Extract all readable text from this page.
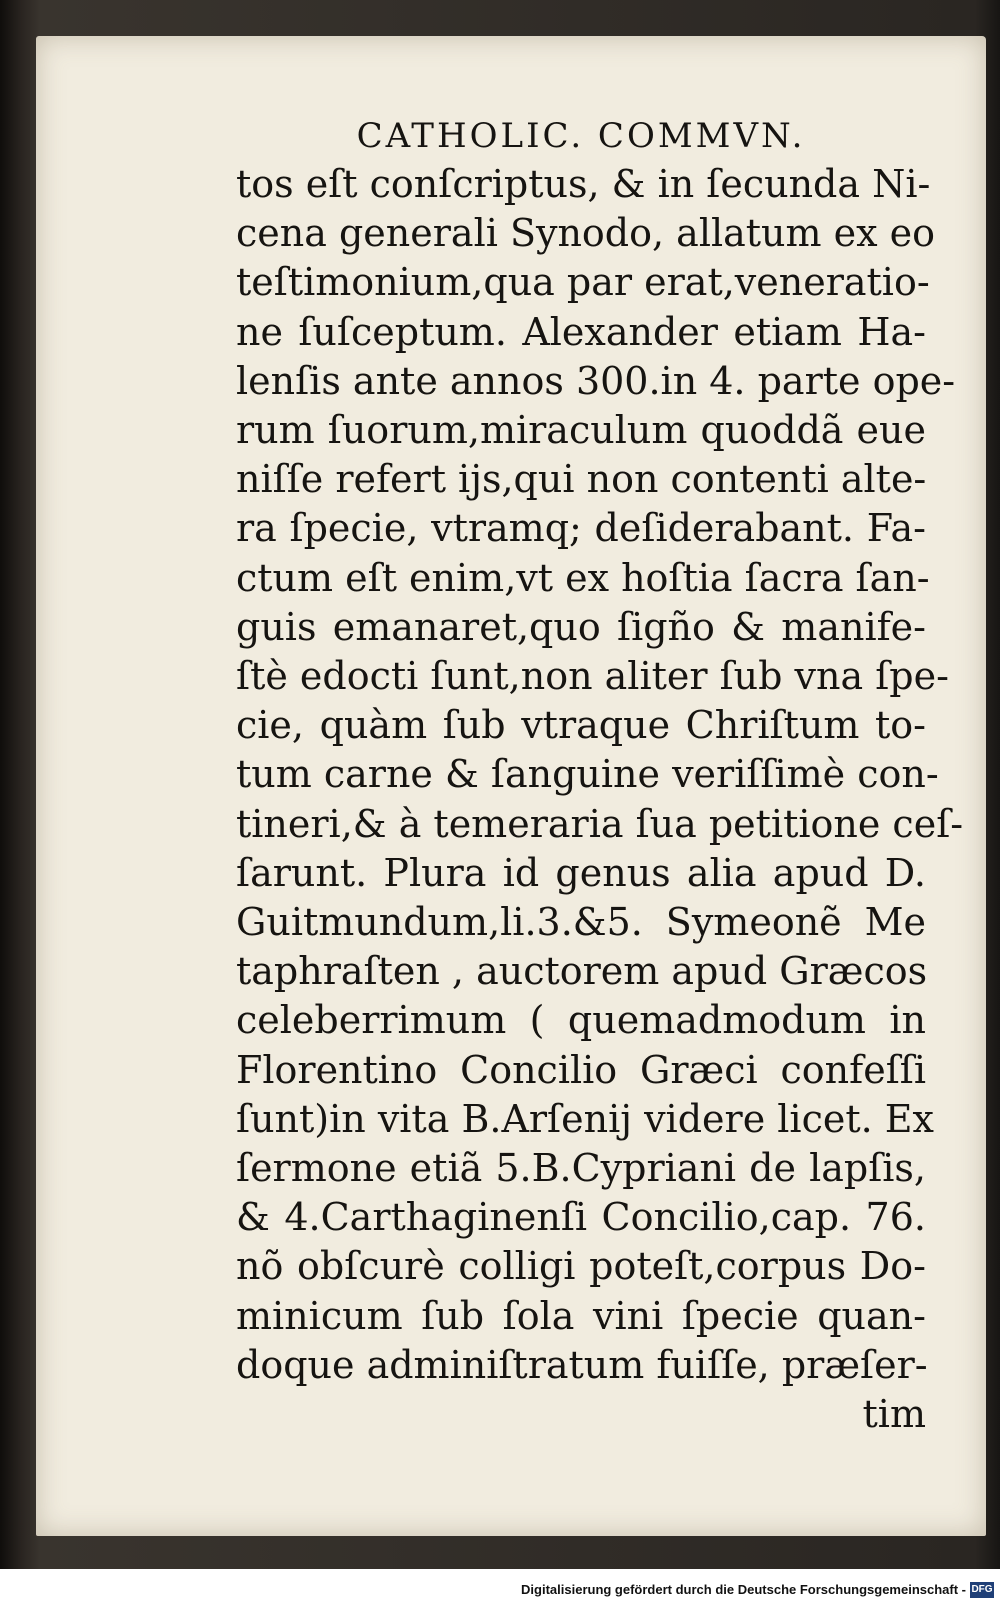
CATHOLIC. COMMVN.
tos eſt conſcriptus, & in ſecunda Ni-
cena generali Synodo, allatum ex eo
teſtimonium,qua par erat,veneratio-
ne ſuſceptum. Alexander etiam Ha-
lenſis ante annos 300.in 4. parte ope-
rum ſuorum,miraculum quoddã eue
niſſe refert ijs,qui non contenti alte-
ra ſpecie, vtramq; deſiderabant. Fa-
ctum eſt enim,vt ex hoſtia ſacra ſan-
guis emanaret,quo ſigño & manife-
ſtè edocti ſunt,non aliter ſub vna ſpe-
cie, quàm ſub vtraque Chriſtum to-
tum carne & ſanguine veriſſimè con-
tineri,& à temeraria ſua petitione ceſ-
ſarunt. Plura id genus alia apud D.
Guitmundum,li.3.&5. Symeonẽ Me
taphraſten , auctorem apud Græcos
celeberrimum ( quemadmodum in
Florentino Concilio Græci confeſſi
ſunt)in vita B.Arſenij videre licet. Ex
ſermone etiã 5.B.Cypriani de lapſis,
& 4.Carthaginenſi Concilio,cap. 76.
nõ obſcurè colligi poteſt,corpus Do-
minicum ſub ſola vini ſpecie quan-
doque adminiſtratum fuiſſe, præſer-
tim
Digitalisierung gefördert durch die Deutsche Forschungsgemeinschaft - DFG
